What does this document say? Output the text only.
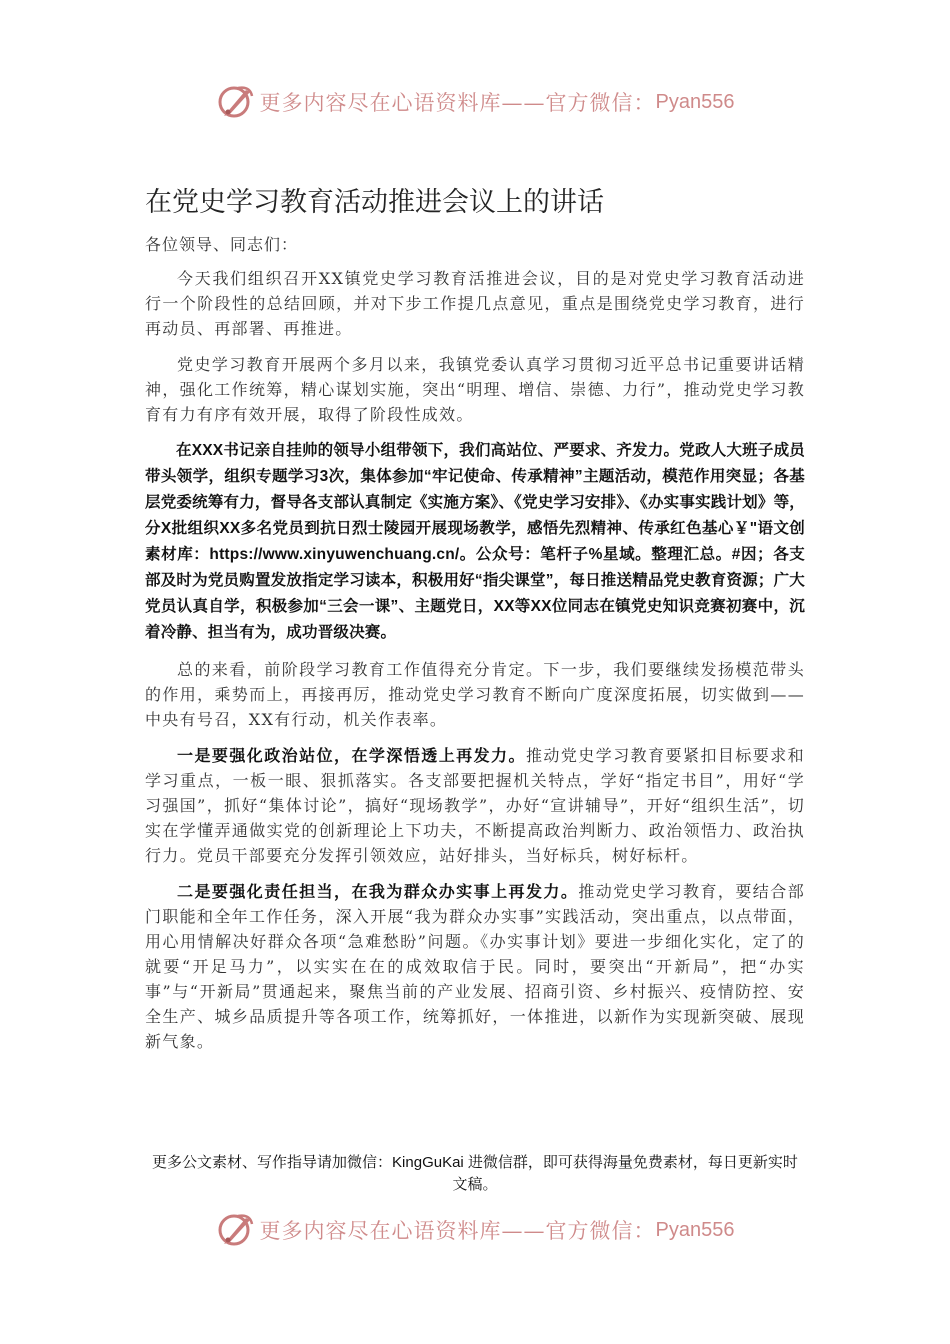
更多内容尽在心语资料库——官方微信： Pyan556
在党史学习教育活动推进会议上的讲话

各位领导、同志们：

今天我们组织召开XX镇党史学习教育活推进会议，目的是对党史学习教育活动进行一个阶段性的总结回顾，并对下步工作提几点意见，重点是围绕党史学习教育，进行再动员、再部署、再推进。

党史学习教育开展两个多月以来，我镇党委认真学习贯彻习近平总书记重要讲话精神，强化工作统筹，精心谋划实施，突出“明理、增信、崇德、力行”，推动党史学习教育有力有序有效开展，取得了阶段性成效。

在XXX书记亲自挂帅的领导小组带领下，我们高站位、严要求、齐发力。党政人大班子成员带头领学，组织专题学习3次，集体参加“牢记使命、传承精神”主题活动，模范作用突显；各基层党委统筹有力，督导各支部认真制定《实施方案》、《党史学习安排》、《办实事实践计划》等，分X批组织XX多名党员到抗日烈士陵园开展现场教学，感悟先烈精神、传承红色基心￥"语文创素材库：https://www.xinyuwenchuang.cn/。公众号：笔杆子%星域。整理汇总。#因；各支部及时为党员购置发放指定学习读本，积极用好“指尖课堂”，每日推送精品党史教育资源；广大党员认真自学，积极参加“三会一课”、主题党日，XX等XX位同志在镇党史知识竞赛初赛中，沉着冷静、担当有为，成功晋级决赛。

总的来看，前阶段学习教育工作值得充分肯定。下一步，我们要继续发扬模范带头的作用，乘势而上，再接再厉，推动党史学习教育不断向广度深度拓展，切实做到——中央有号召，XX有行动，机关作表率。

一是要强化政治站位，在学深悟透上再发力。推动党史学习教育要紧扣目标要求和学习重点，一板一眼、狠抓落实。各支部要把握机关特点，学好“指定书目”，用好“学习强国”，抓好“集体讨论”，搞好“现场教学”，办好“宣讲辅导”，开好“组织生活”，切实在学懂弄通做实党的创新理论上下功夫，不断提高政治判断力、政治领悟力、政治执行力。党员干部要充分发挥引领效应，站好排头，当好标兵，树好标杆。

二是要强化责任担当，在我为群众办实事上再发力。推动党史学习教育，要结合部门职能和全年工作任务，深入开展“我为群众办实事”实践活动，突出重点，以点带面，用心用情解决好群众各项“急难愁盼”问题。《办实事计划》要进一步细化实化，定了的就要“开足马力”，以实实在在的成效取信于民。同时，要突出“开新局”，把“办实事”与“开新局”贯通起来，聚焦当前的产业发展、招商引资、乡村振兴、疫情防控、安全生产、城乡品质提升等各项工作，统筹抓好，一体推进，以新作为实现新突破、展现新气象。

更多公文素材、写作指导请加微信：KingGuKai 进微信群，即可获得海量免费素材，每日更新实时文稿。
更多内容尽在心语资料库——官方微信： Pyan556
